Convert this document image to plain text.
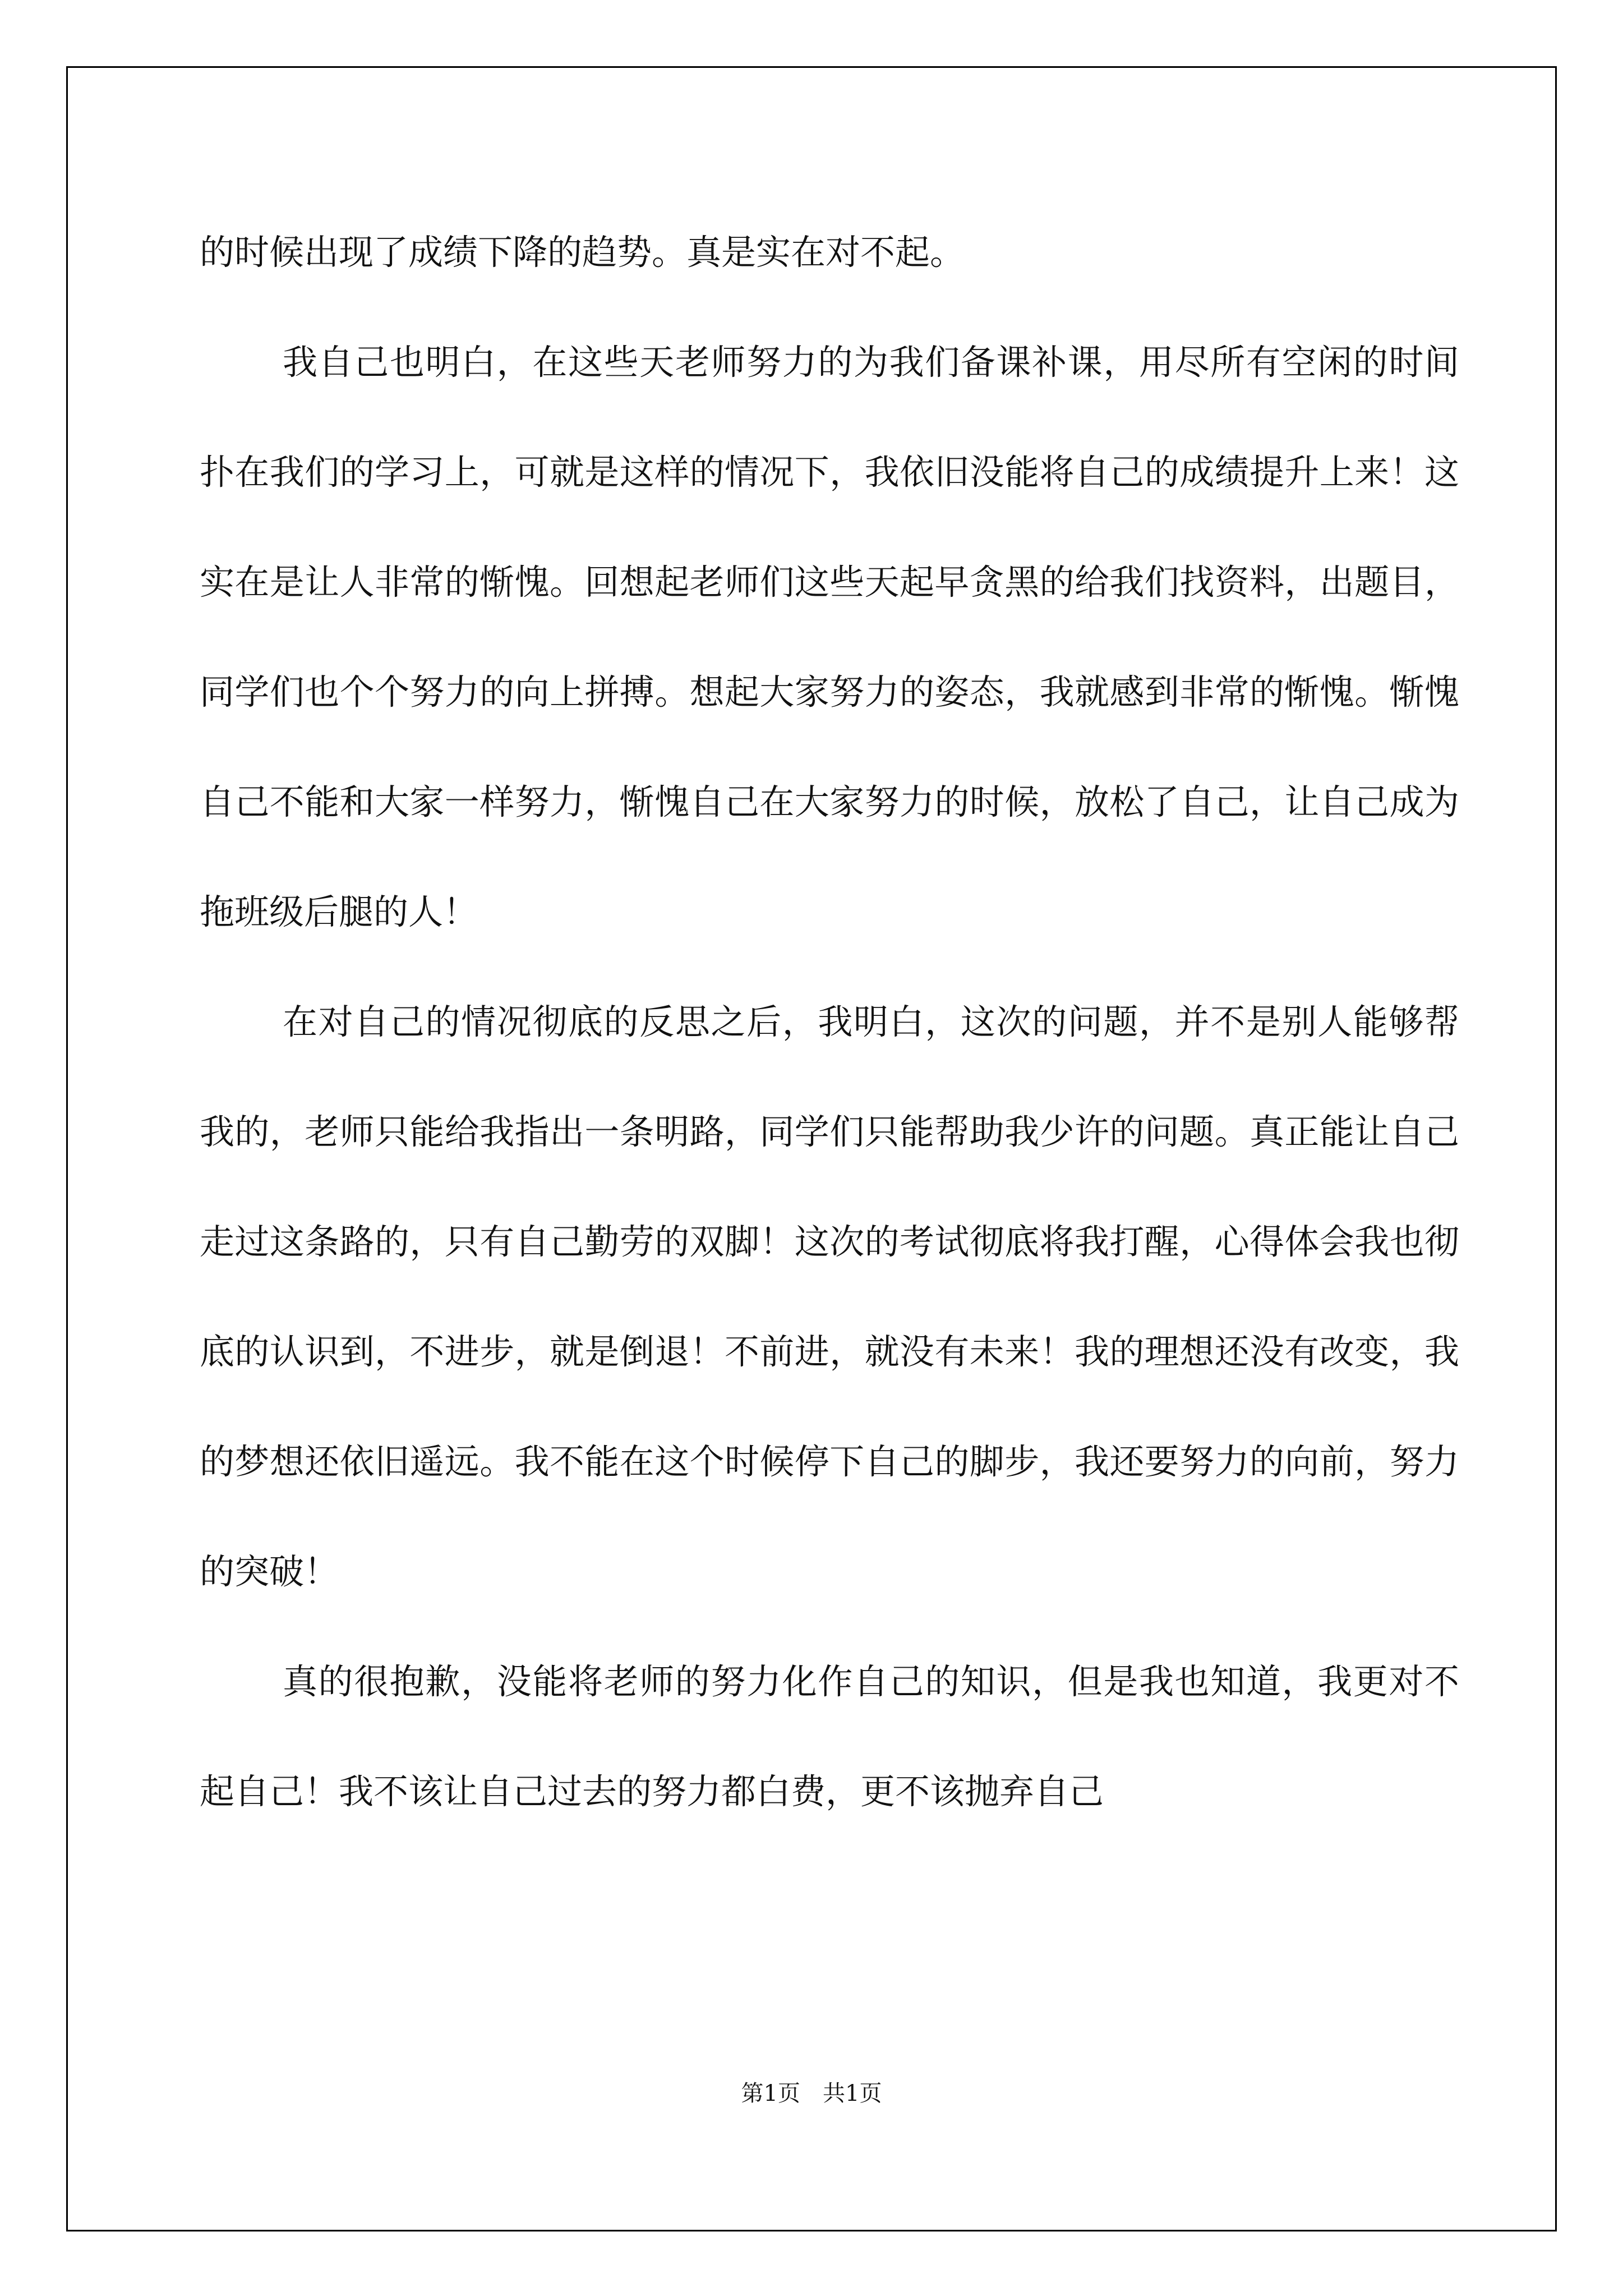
的时候出现了成绩下降的趋势。真是实在对不起。

我自己也明白，在这些天老师努力的为我们备课补课，用尽所有空闲的时间扑在我们的学习上，可就是这样的情况下，我依旧没能将自己的成绩提升上来！这实在是让人非常的惭愧。回想起老师们这些天起早贪黑的给我们找资料，出题目，同学们也个个努力的向上拼搏。想起大家努力的姿态，我就感到非常的惭愧。惭愧自己不能和大家一样努力，惭愧自己在大家努力的时候，放松了自己，让自己成为拖班级后腿的人！

在对自己的情况彻底的反思之后，我明白，这次的问题，并不是别人能够帮我的，老师只能给我指出一条明路，同学们只能帮助我少许的问题。真正能让自己走过这条路的，只有自己勤劳的双脚！这次的考试彻底将我打醒，心得体会我也彻底的认识到，不进步，就是倒退！不前进，就没有未来！我的理想还没有改变，我的梦想还依旧遥远。我不能在这个时候停下自己的脚步，我还要努力的向前，努力的突破！

真的很抱歉，没能将老师的努力化作自己的知识，但是我也知道，我更对不起自己！我不该让自己过去的努力都白费，更不该抛弃自己

第1页　共1页
